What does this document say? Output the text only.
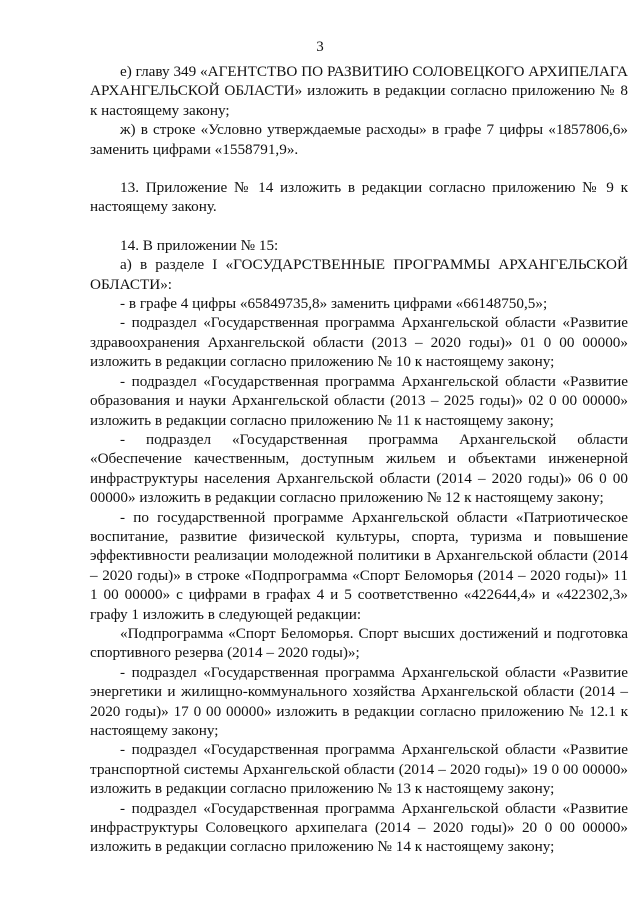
3

е) главу 349 «АГЕНТСТВО ПО РАЗВИТИЮ СОЛОВЕЦКОГО АРХИПЕЛАГА АРХАНГЕЛЬСКОЙ ОБЛАСТИ» изложить в редакции согласно приложению № 8 к настоящему закону;

ж) в строке «Условно утверждаемые расходы» в графе 7 цифры «1857806,6» заменить цифрами «1558791,9».

13. Приложение № 14 изложить в редакции согласно приложению № 9 к настоящему закону.

14. В приложении № 15:

а) в разделе I «ГОСУДАРСТВЕННЫЕ ПРОГРАММЫ АРХАНГЕЛЬСКОЙ ОБЛАСТИ»:

- в графе 4 цифры «65849735,8» заменить цифрами «66148750,5»;

- подраздел «Государственная программа Архангельской области «Развитие здравоохранения Архангельской области (2013 – 2020 годы)» 01 0 00 00000» изложить в редакции согласно приложению № 10 к настоящему закону;

- подраздел «Государственная программа Архангельской области «Развитие образования и науки Архангельской области (2013 – 2025 годы)» 02 0 00 00000» изложить в редакции согласно приложению № 11 к настоящему закону;

- подраздел «Государственная программа Архангельской области «Обеспечение качественным, доступным жильем и объектами инженерной инфраструктуры населения Архангельской области (2014 – 2020 годы)» 06 0 00 00000» изложить в редакции согласно приложению № 12 к настоящему закону;

- по государственной программе Архангельской области «Патриотическое воспитание, развитие физической культуры, спорта, туризма и повышение эффективности реализации молодежной политики в Архангельской области (2014 – 2020 годы)» в строке «Подпрограмма «Спорт Беломорья (2014 – 2020 годы)» 11 1 00 00000» с цифрами в графах 4 и 5 соответственно «422644,4» и «422302,3» графу 1 изложить в следующей редакции:

«Подпрограмма «Спорт Беломорья. Спорт высших достижений и подготовка спортивного резерва (2014 – 2020 годы)»;

- подраздел «Государственная программа Архангельской области «Развитие энергетики и жилищно-коммунального хозяйства Архангельской области (2014 – 2020 годы)» 17 0 00 00000» изложить в редакции согласно приложению № 12.1 к настоящему закону;

- подраздел «Государственная программа Архангельской области «Развитие транспортной системы Архангельской области (2014 – 2020 годы)» 19 0 00 00000» изложить в редакции согласно приложению № 13 к настоящему закону;

- подраздел «Государственная программа Архангельской области «Развитие инфраструктуры Соловецкого архипелага (2014 – 2020 годы)» 20 0 00 00000» изложить в редакции согласно приложению № 14 к настоящему закону;
